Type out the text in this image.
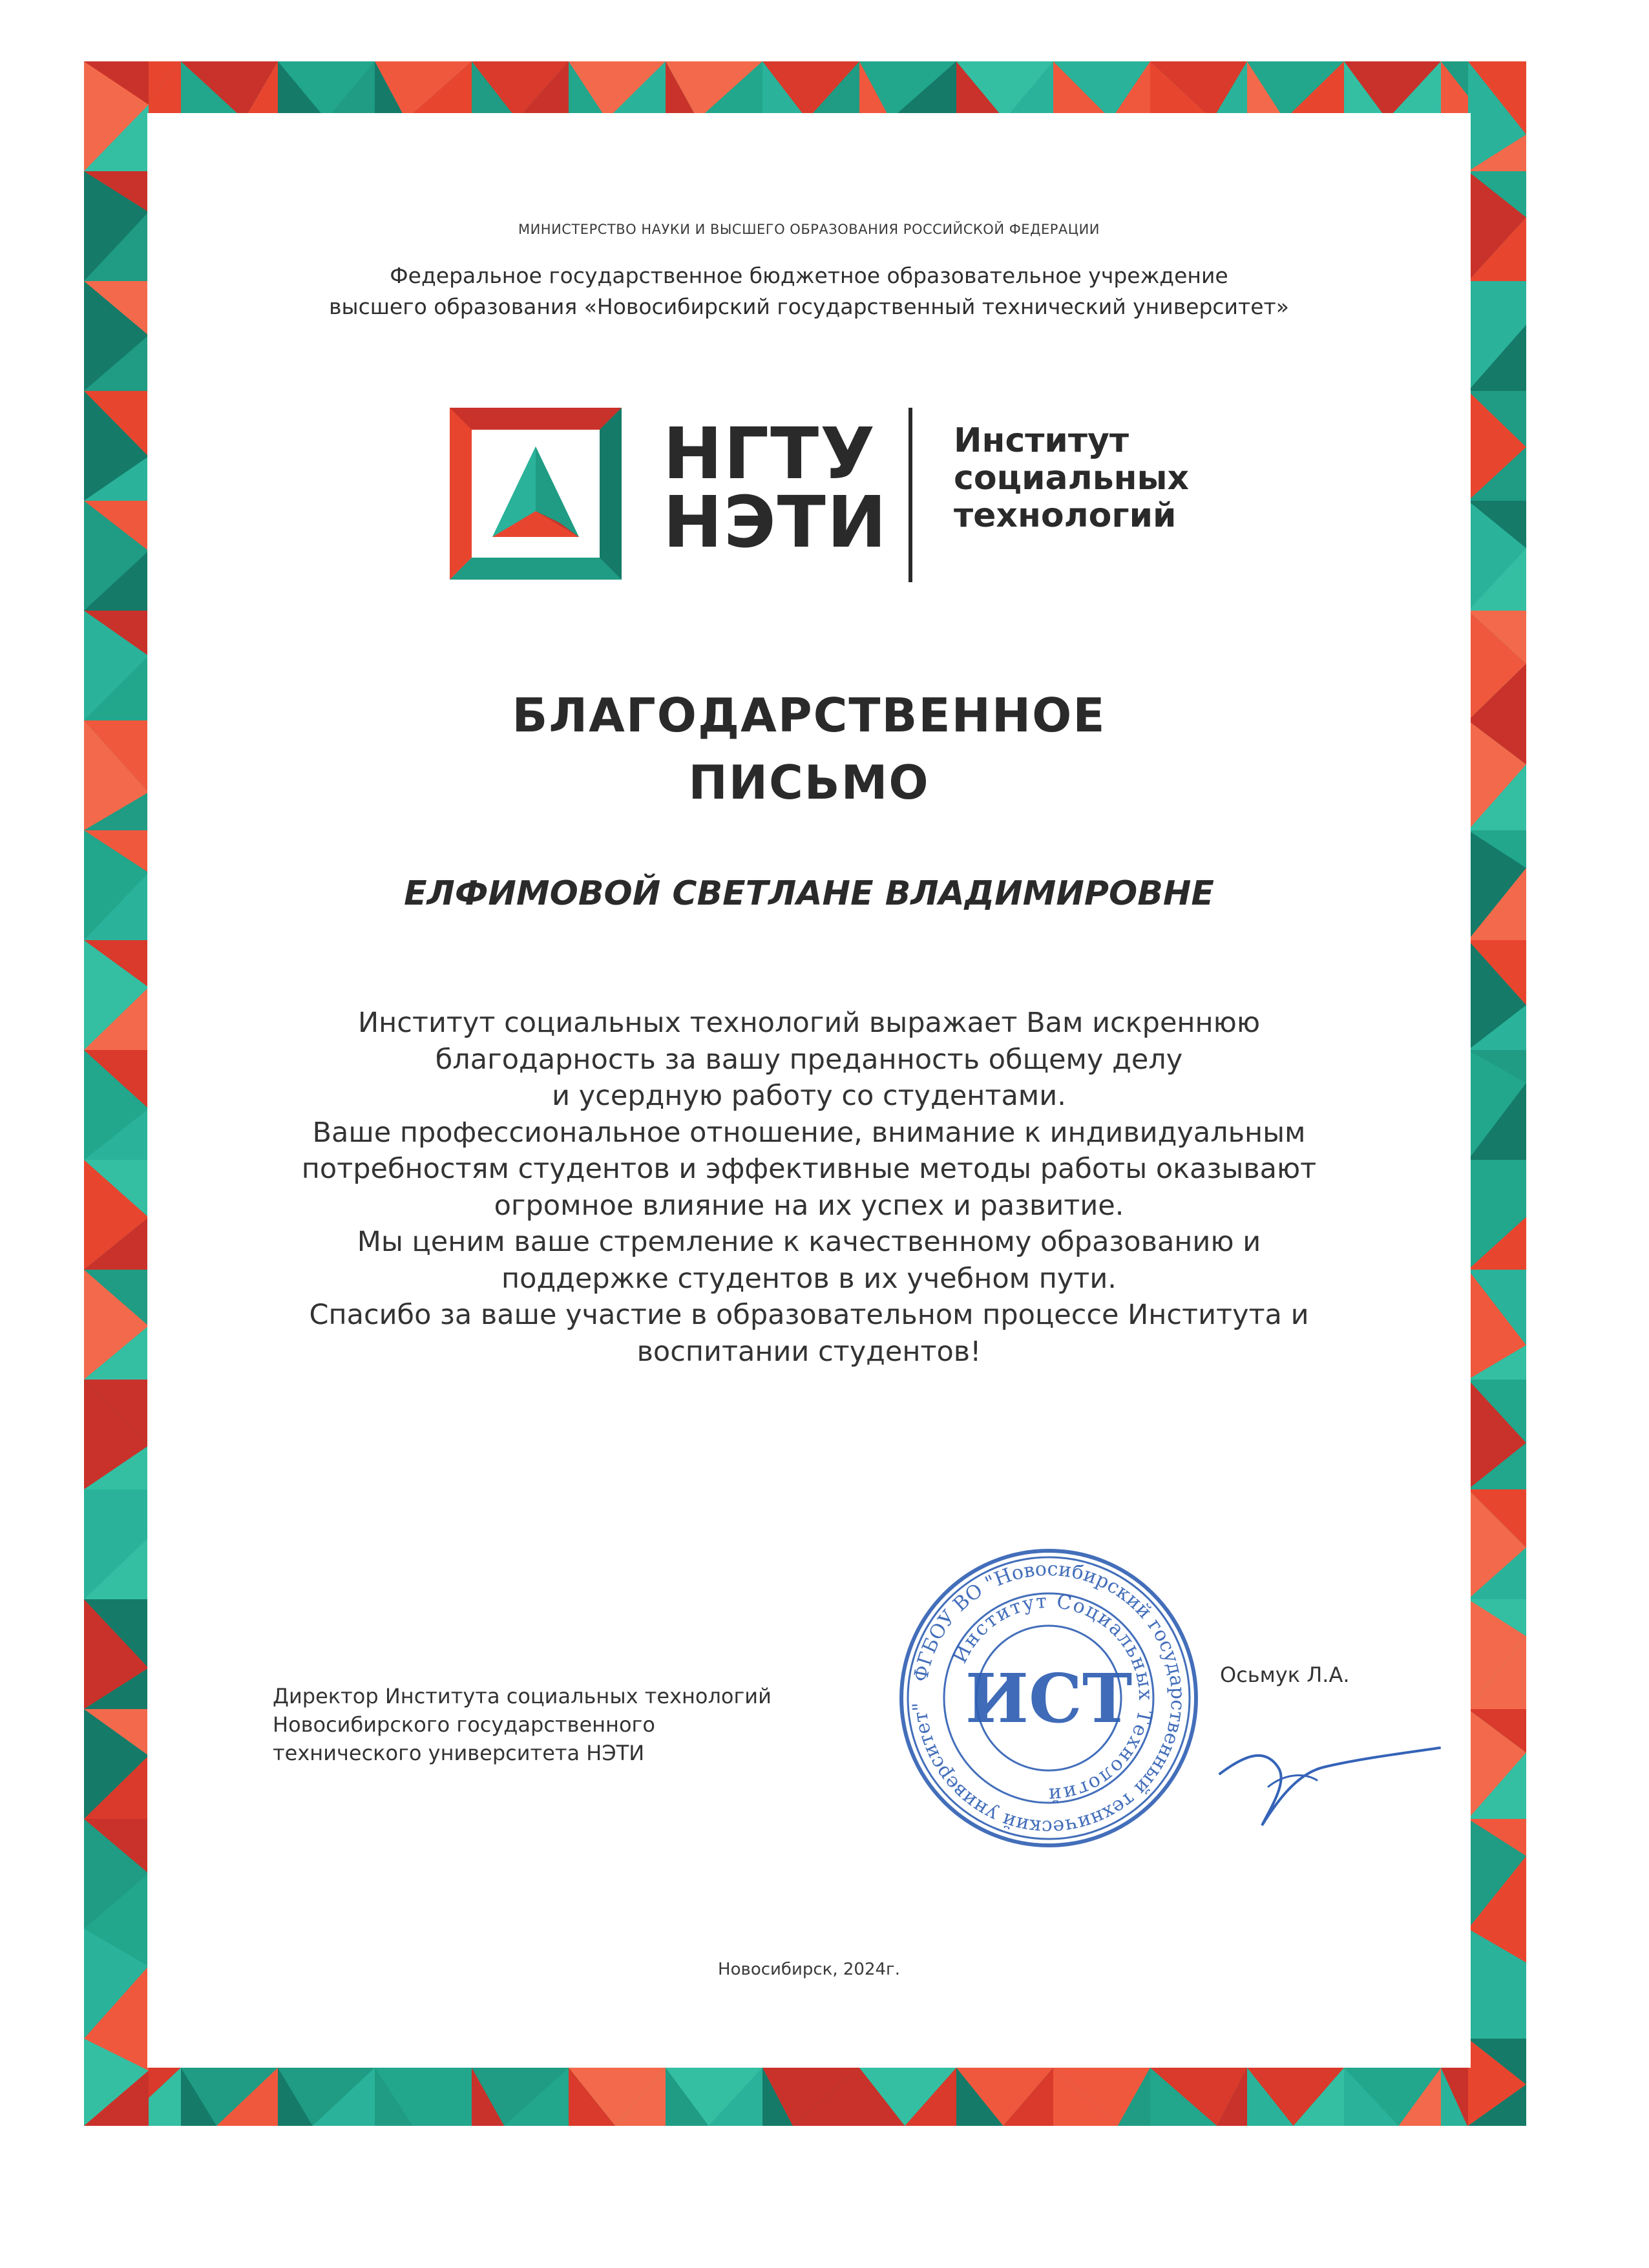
МИНИСТЕРСТВО НАУКИ И ВЫСШЕГО ОБРАЗОВАНИЯ РОССИЙСКОЙ ФЕДЕРАЦИИ
Федеральное государственное бюджетное образовательное учреждение
высшего образования «Новосибирский государственный технический университет»
НГТУ
НЭТИ
Институт
социальных
технологий
БЛАГОДАРСТВЕННОЕ
ПИСЬМО
ЕЛФИМОВОЙ СВЕТЛАНЕ ВЛАДИМИРОВНЕ
Институт социальных технологий выражает Вам искреннюю
благодарность за вашу преданность общему делу
и усердную работу со студентами.
Ваше профессиональное отношение, внимание к индивидуальным
потребностям студентов и эффективные методы работы оказывают
огромное влияние на их успех и развитие.
Мы ценим ваше стремление к качественному образованию и
поддержке студентов в их учебном пути.
Спасибо за ваше участие в образовательном процессе Института и
воспитании студентов!
Директор Института социальных технологий
Новосибирского государственного
технического университета НЭТИ
Осьмук Л.А.
ФГБОУ ВО "Новосибирский государственный технический университет"
Институт Социальных Технологий
ИСТ
Новосибирск, 2024г.
